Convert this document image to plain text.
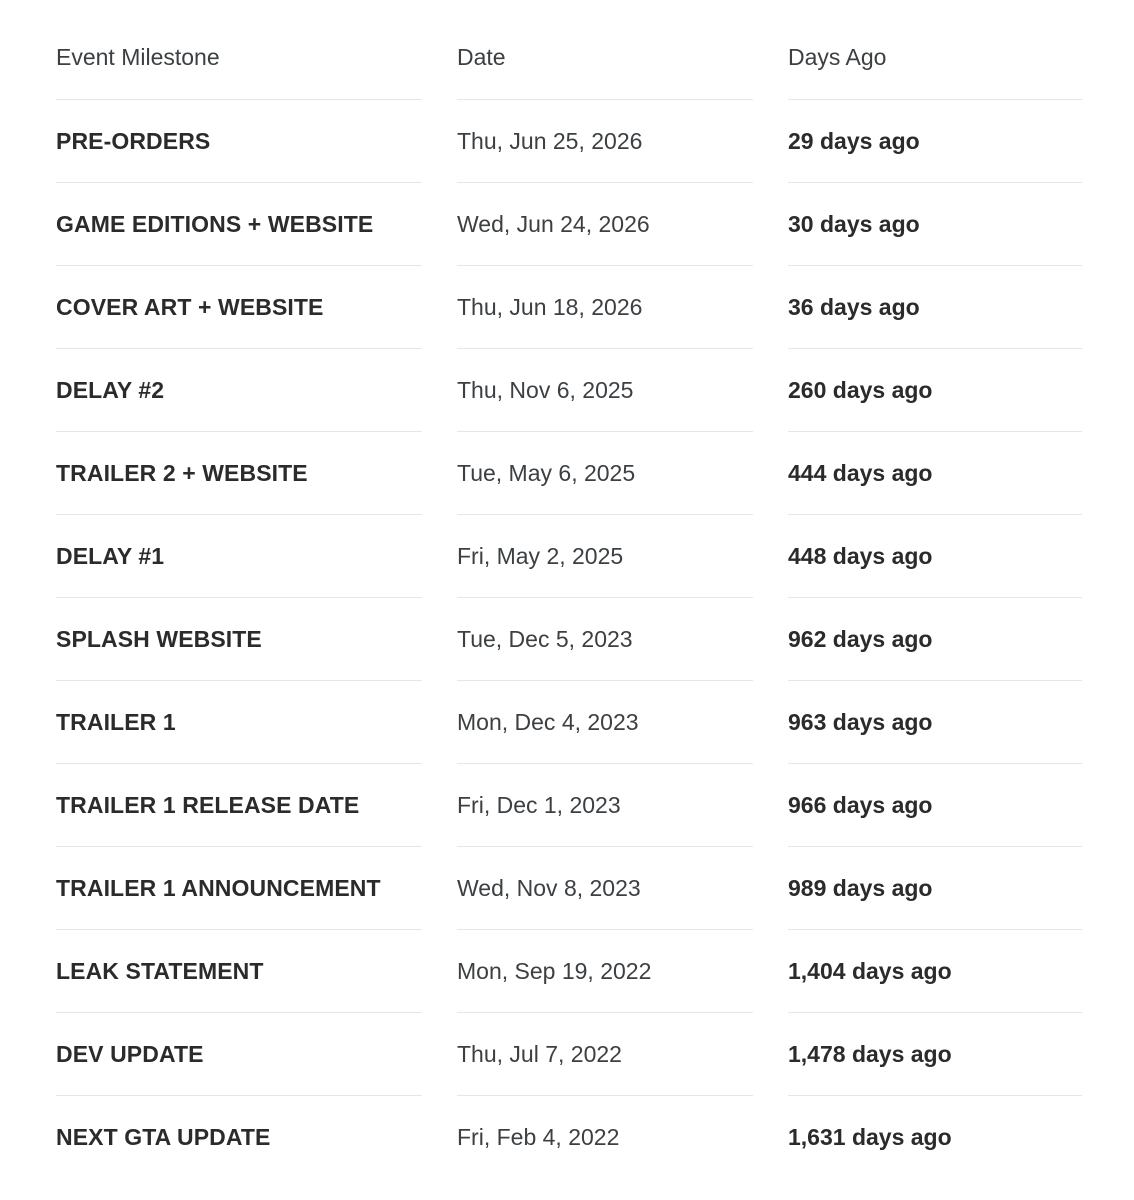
Event Milestone	Date	Days Ago
PRE-ORDERS	Thu, Jun 25, 2026	29 days ago
GAME EDITIONS + WEBSITE	Wed, Jun 24, 2026	30 days ago
COVER ART + WEBSITE	Thu, Jun 18, 2026	36 days ago
DELAY #2	Thu, Nov 6, 2025	260 days ago
TRAILER 2 + WEBSITE	Tue, May 6, 2025	444 days ago
DELAY #1	Fri, May 2, 2025	448 days ago
SPLASH WEBSITE	Tue, Dec 5, 2023	962 days ago
TRAILER 1	Mon, Dec 4, 2023	963 days ago
TRAILER 1 RELEASE DATE	Fri, Dec 1, 2023	966 days ago
TRAILER 1 ANNOUNCEMENT	Wed, Nov 8, 2023	989 days ago
LEAK STATEMENT	Mon, Sep 19, 2022	1,404 days ago
DEV UPDATE	Thu, Jul 7, 2022	1,478 days ago
NEXT GTA UPDATE	Fri, Feb 4, 2022	1,631 days ago
